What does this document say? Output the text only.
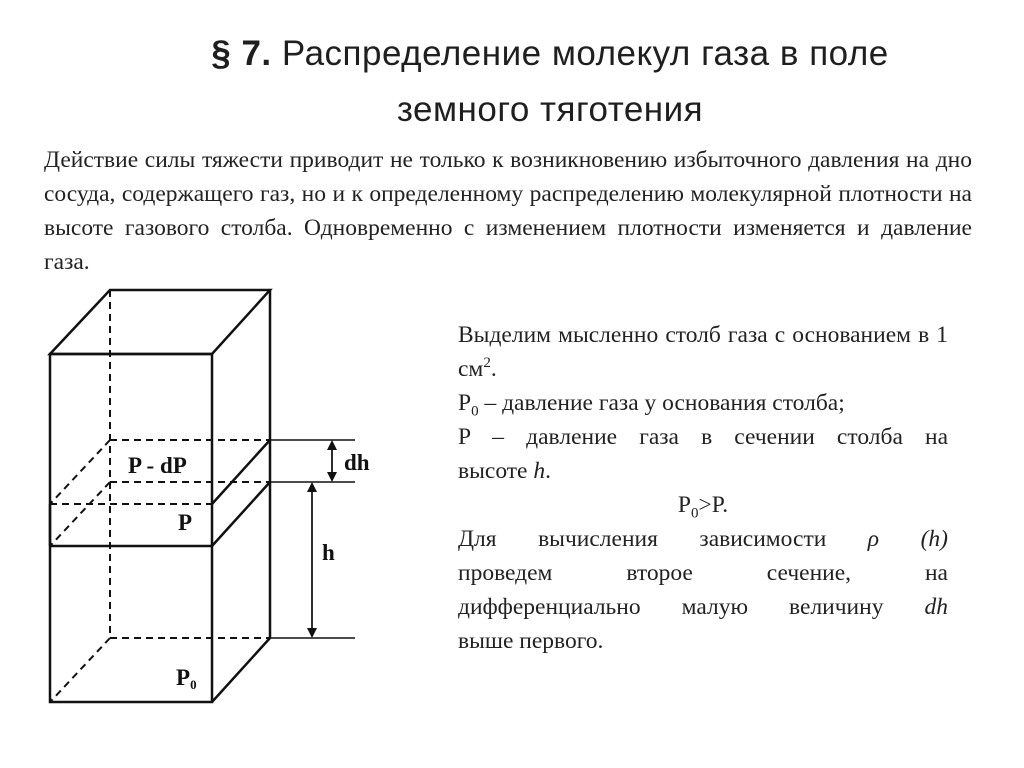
§ 7. Распределение молекул газа в поле
земного тяготения
Действие силы тяжести приводит не только к возникновению избыточного давления на дно сосуда, содержащего газ, но и к определенному распределению молекулярной плотности на высоте газового столба. Одновременно с изменением плотности изменяется и давление газа.
P - dP
P
P0
dh
h
Выделим мысленно столб газа с основанием в 1 $см^2$.
$P_0$ – давление газа у основания столба;
P – давление газа в сечении столба на
высоте h.
$P_0>P$.
Для вычисления зависимости ρ (h)
проведем второе сечение, на
дифференциально малую величину dh
выше первого.
